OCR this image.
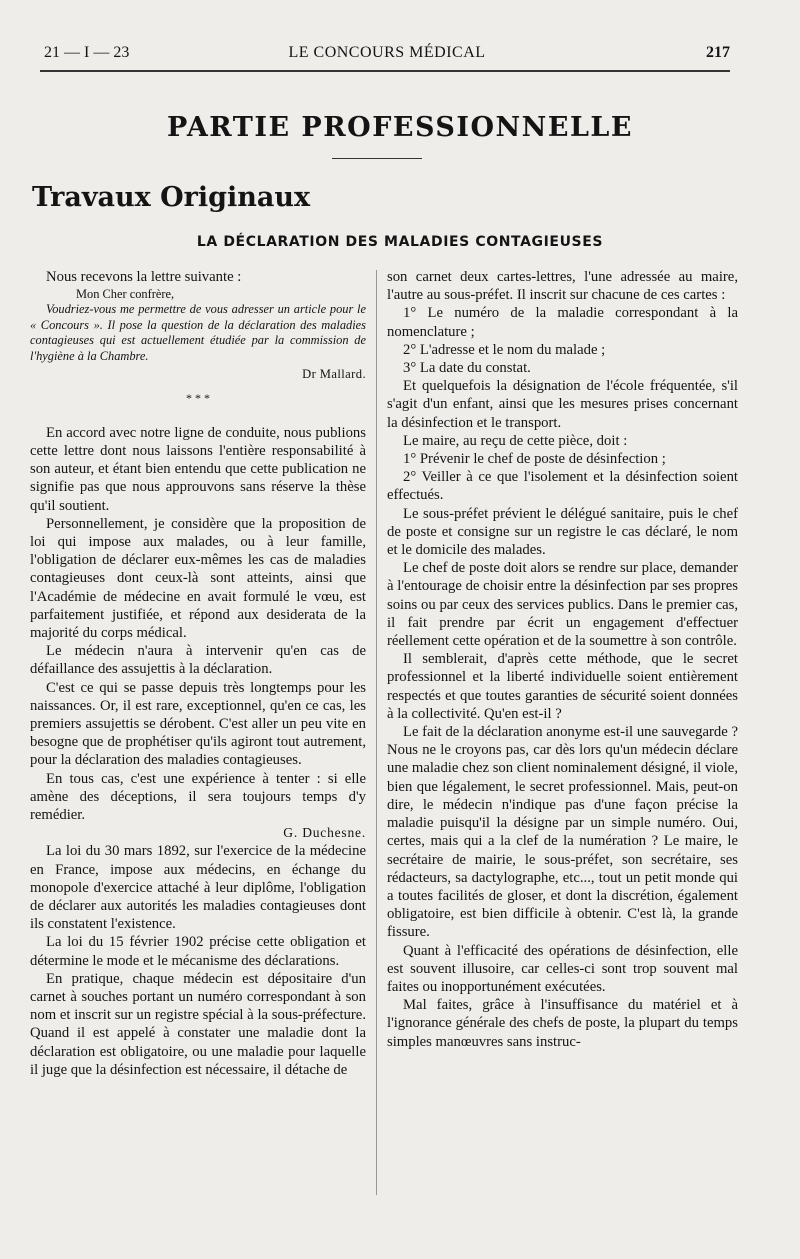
21 — I — 23	LE CONCOURS MÉDICAL	217
PARTIE PROFESSIONNELLE
Travaux Originaux
LA DÉCLARATION DES MALADIES CONTAGIEUSES

Nous recevons la lettre suivante :

Mon Cher confrère,

Voudriez-vous me permettre de vous adresser un article pour le « Concours ». Il pose la question de la déclaration des maladies contagieuses qui est actuellement étudiée par la commission de l'hygiène à la Chambre.

Dr Mallard.

* * *

En accord avec notre ligne de conduite, nous publions cette lettre dont nous laissons l'entière responsabilité à son auteur, et étant bien entendu que cette publication ne signifie pas que nous approuvons sans réserve la thèse qu'il soutient.

Personnellement, je considère que la proposition de loi qui impose aux malades, ou à leur famille, l'obligation de déclarer eux-mêmes les cas de maladies contagieuses dont ceux-là sont atteints, ainsi que l'Académie de médecine en avait formulé le vœu, est parfaitement justifiée, et répond aux desiderata de la majorité du corps médical.

Le médecin n'aura à intervenir qu'en cas de défaillance des assujettis à la déclaration.

C'est ce qui se passe depuis très longtemps pour les naissances. Or, il est rare, exceptionnel, qu'en ce cas, les premiers assujettis se dérobent. C'est aller un peu vite en besogne que de prophétiser qu'ils agiront tout autrement, pour la déclaration des maladies contagieuses.

En tous cas, c'est une expérience à tenter : si elle amène des déceptions, il sera toujours temps d'y remédier.

G. Duchesne.

La loi du 30 mars 1892, sur l'exercice de la médecine en France, impose aux médecins, en échange du monopole d'exercice attaché à leur diplôme, l'obligation de déclarer aux autorités les maladies contagieuses dont ils constatent l'existence.

La loi du 15 février 1902 précise cette obligation et détermine le mode et le mécanisme des déclarations.

En pratique, chaque médecin est dépositaire d'un carnet à souches portant un numéro correspondant à son nom et inscrit sur un registre spécial à la sous-préfecture. Quand il est appelé à constater une maladie dont la déclaration est obligatoire, ou une maladie pour laquelle il juge que la désinfection est nécessaire, il détache de

son carnet deux cartes-lettres, l'une adressée au maire, l'autre au sous-préfet. Il inscrit sur chacune de ces cartes :

1° Le numéro de la maladie correspondant à la nomenclature ;

2° L'adresse et le nom du malade ;

3° La date du constat.

Et quelquefois la désignation de l'école fréquentée, s'il s'agit d'un enfant, ainsi que les mesures prises concernant la désinfection et le transport.

Le maire, au reçu de cette pièce, doit :

1° Prévenir le chef de poste de désinfection ;

2° Veiller à ce que l'isolement et la désinfection soient effectués.

Le sous-préfet prévient le délégué sanitaire, puis le chef de poste et consigne sur un registre le cas déclaré, le nom et le domicile des malades.

Le chef de poste doit alors se rendre sur place, demander à l'entourage de choisir entre la désinfection par ses propres soins ou par ceux des services publics. Dans le premier cas, il fait prendre par écrit un engagement d'effectuer réellement cette opération et de la soumettre à son contrôle.

Il semblerait, d'après cette méthode, que le secret professionnel et la liberté individuelle soient entièrement respectés et que toutes garanties de sécurité soient données à la collectivité. Qu'en est-il ?

Le fait de la déclaration anonyme est-il une sauvegarde ? Nous ne le croyons pas, car dès lors qu'un médecin déclare une maladie chez son client nominalement désigné, il viole, bien que légalement, le secret professionnel. Mais, peut-on dire, le médecin n'indique pas d'une façon précise la maladie puisqu'il la désigne par un simple numéro. Oui, certes, mais qui a la clef de la numération ? Le maire, le secrétaire de mairie, le sous-préfet, son secrétaire, ses rédacteurs, sa dactylographe, etc..., tout un petit monde qui a toutes facilités de gloser, et dont la discrétion, également obligatoire, est bien difficile à obtenir. C'est là, la grande fissure.

Quant à l'efficacité des opérations de désinfection, elle est souvent illusoire, car celles-ci sont trop souvent mal faites ou inopportunément exécutées.

Mal faites, grâce à l'insuffisance du matériel et à l'ignorance générale des chefs de poste, la plupart du temps simples manœuvres sans instruc-
